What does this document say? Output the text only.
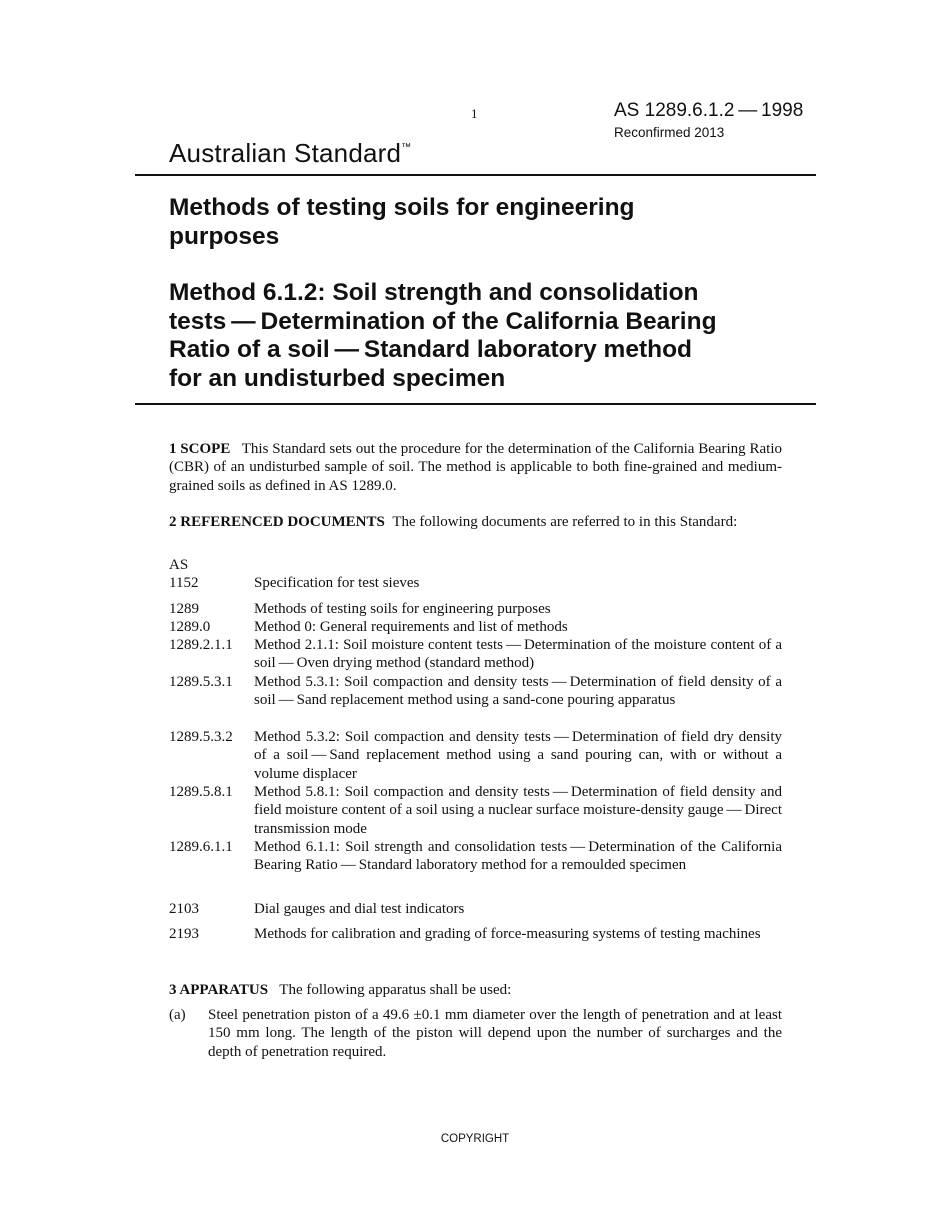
1	AS 1289.6.1.2 — 1998
Reconfirmed 2013
Australian Standard™
Methods of testing soils for engineering
purposes
Method 6.1.2: Soil strength and consolidation
tests — Determination of the California Bearing
Ratio of a soil — Standard laboratory method
for an undisturbed specimen
1 SCOPE This Standard sets out the procedure for the determination of the California Bearing Ratio (CBR) of an undisturbed sample of soil. The method is applicable to both fine-grained and medium-grained soils as defined in AS 1289.0.
2 REFERENCED DOCUMENTS The following documents are referred to in this Standard:
AS
1152	Specification for test sieves
1289	Methods of testing soils for engineering purposes
1289.0	Method 0: General requirements and list of methods
1289.2.1.1 Method 2.1.1: Soil moisture content tests — Determination of the moisture content of a soil — Oven drying method (standard method)
1289.5.3.1 Method 5.3.1: Soil compaction and density tests — Determination of field density of a soil — Sand replacement method using a sand-cone pouring apparatus
1289.5.3.2 Method 5.3.2: Soil compaction and density tests — Determination of field dry density of a soil — Sand replacement method using a sand pouring can, with or without a volume displacer
1289.5.8.1 Method 5.8.1: Soil compaction and density tests — Determination of field density and field moisture content of a soil using a nuclear surface moisture-density gauge — Direct transmission mode
1289.6.1.1 Method 6.1.1: Soil strength and consolidation tests — Determination of the California Bearing Ratio — Standard laboratory method for a remoulded specimen
2103	Dial gauges and dial test indicators
2193	Methods for calibration and grading of force-measuring systems of testing machines
3 APPARATUS The following apparatus shall be used:
(a) Steel penetration piston of a 49.6 ±0.1 mm diameter over the length of penetration and at least 150 mm long. The length of the piston will depend upon the number of surcharges and the depth of penetration required.
COPYRIGHT
